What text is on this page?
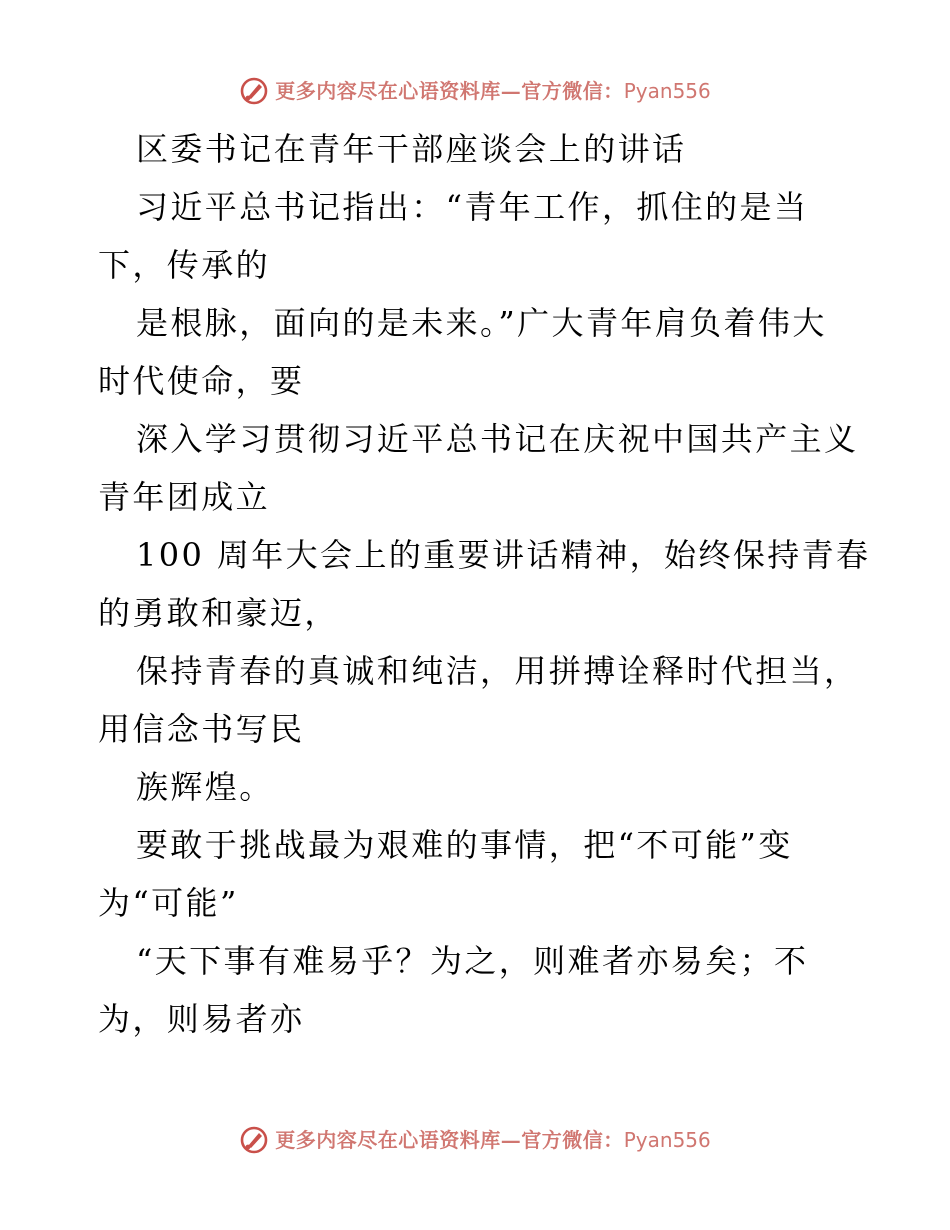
更多内容尽在心语资料库—官方微信： Pyan556
区委书记在青年干部座谈会上的讲话
习近平总书记指出：“青年工作，抓住的是当
下，传承的
是根脉，面向的是未来。”广大青年肩负着伟大
时代使命，要
深入学习贯彻习近平总书记在庆祝中国共产主义
青年团成立
100 周年大会上的重要讲话精神，始终保持青春
的勇敢和豪迈，
保持青春的真诚和纯洁，用拼搏诠释时代担当，
用信念书写民
族辉煌。
要敢于挑战最为艰难的事情，把“不可能”变
为“可能”
“天下事有难易乎？为之，则难者亦易矣；不
为，则易者亦
更多内容尽在心语资料库—官方微信： Pyan556
